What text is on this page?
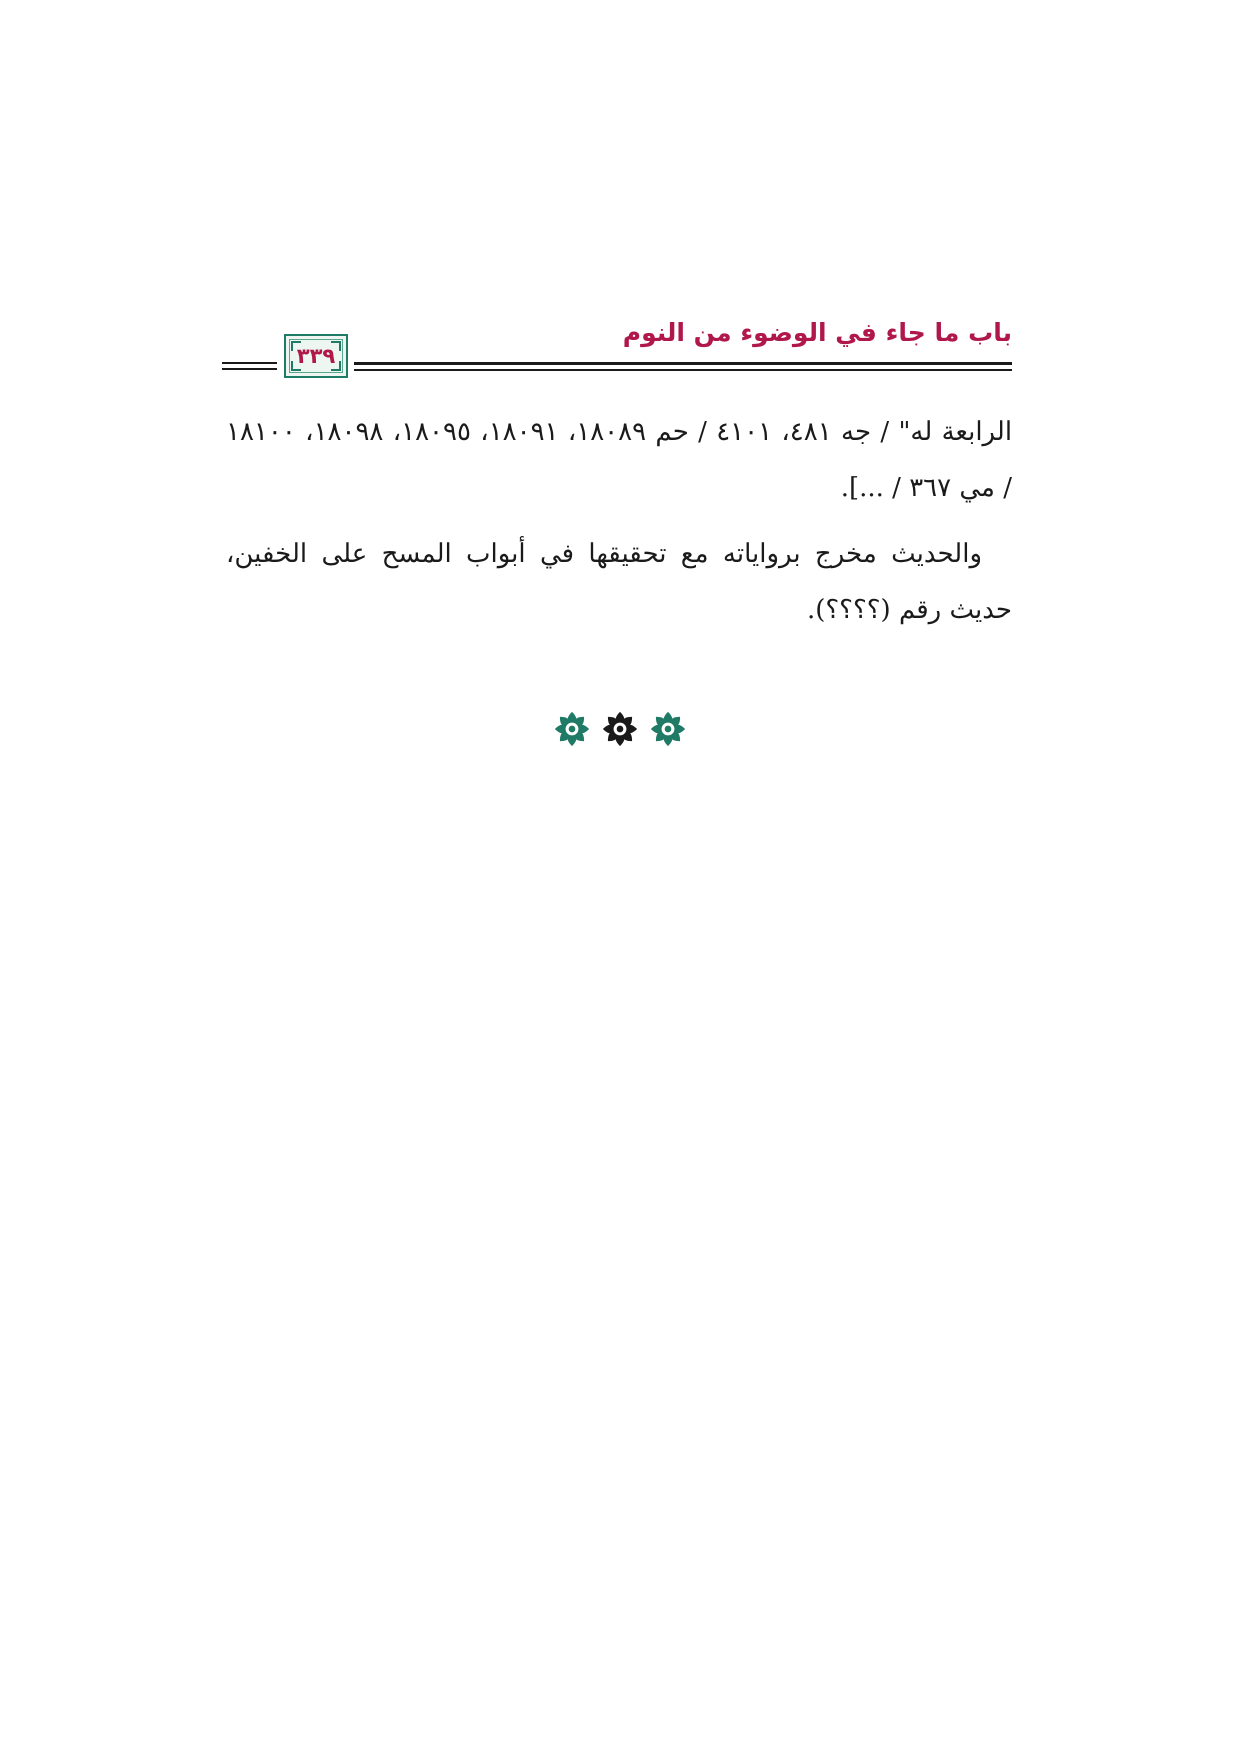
٣٣٩
باب ما جاء في الوضوء من النوم

الرابعة له" / جه ٤٨١، ٤١٠١ / حم ١٨٠٨٩، ١٨٠٩١، ١٨٠٩٥، ١٨٠٩٨، ١٨١٠٠ / مي ٣٦٧ / ...].

والحديث مخرج برواياته مع تحقيقها في أبواب المسح على الخفين، حديث رقم (؟؟؟؟).
